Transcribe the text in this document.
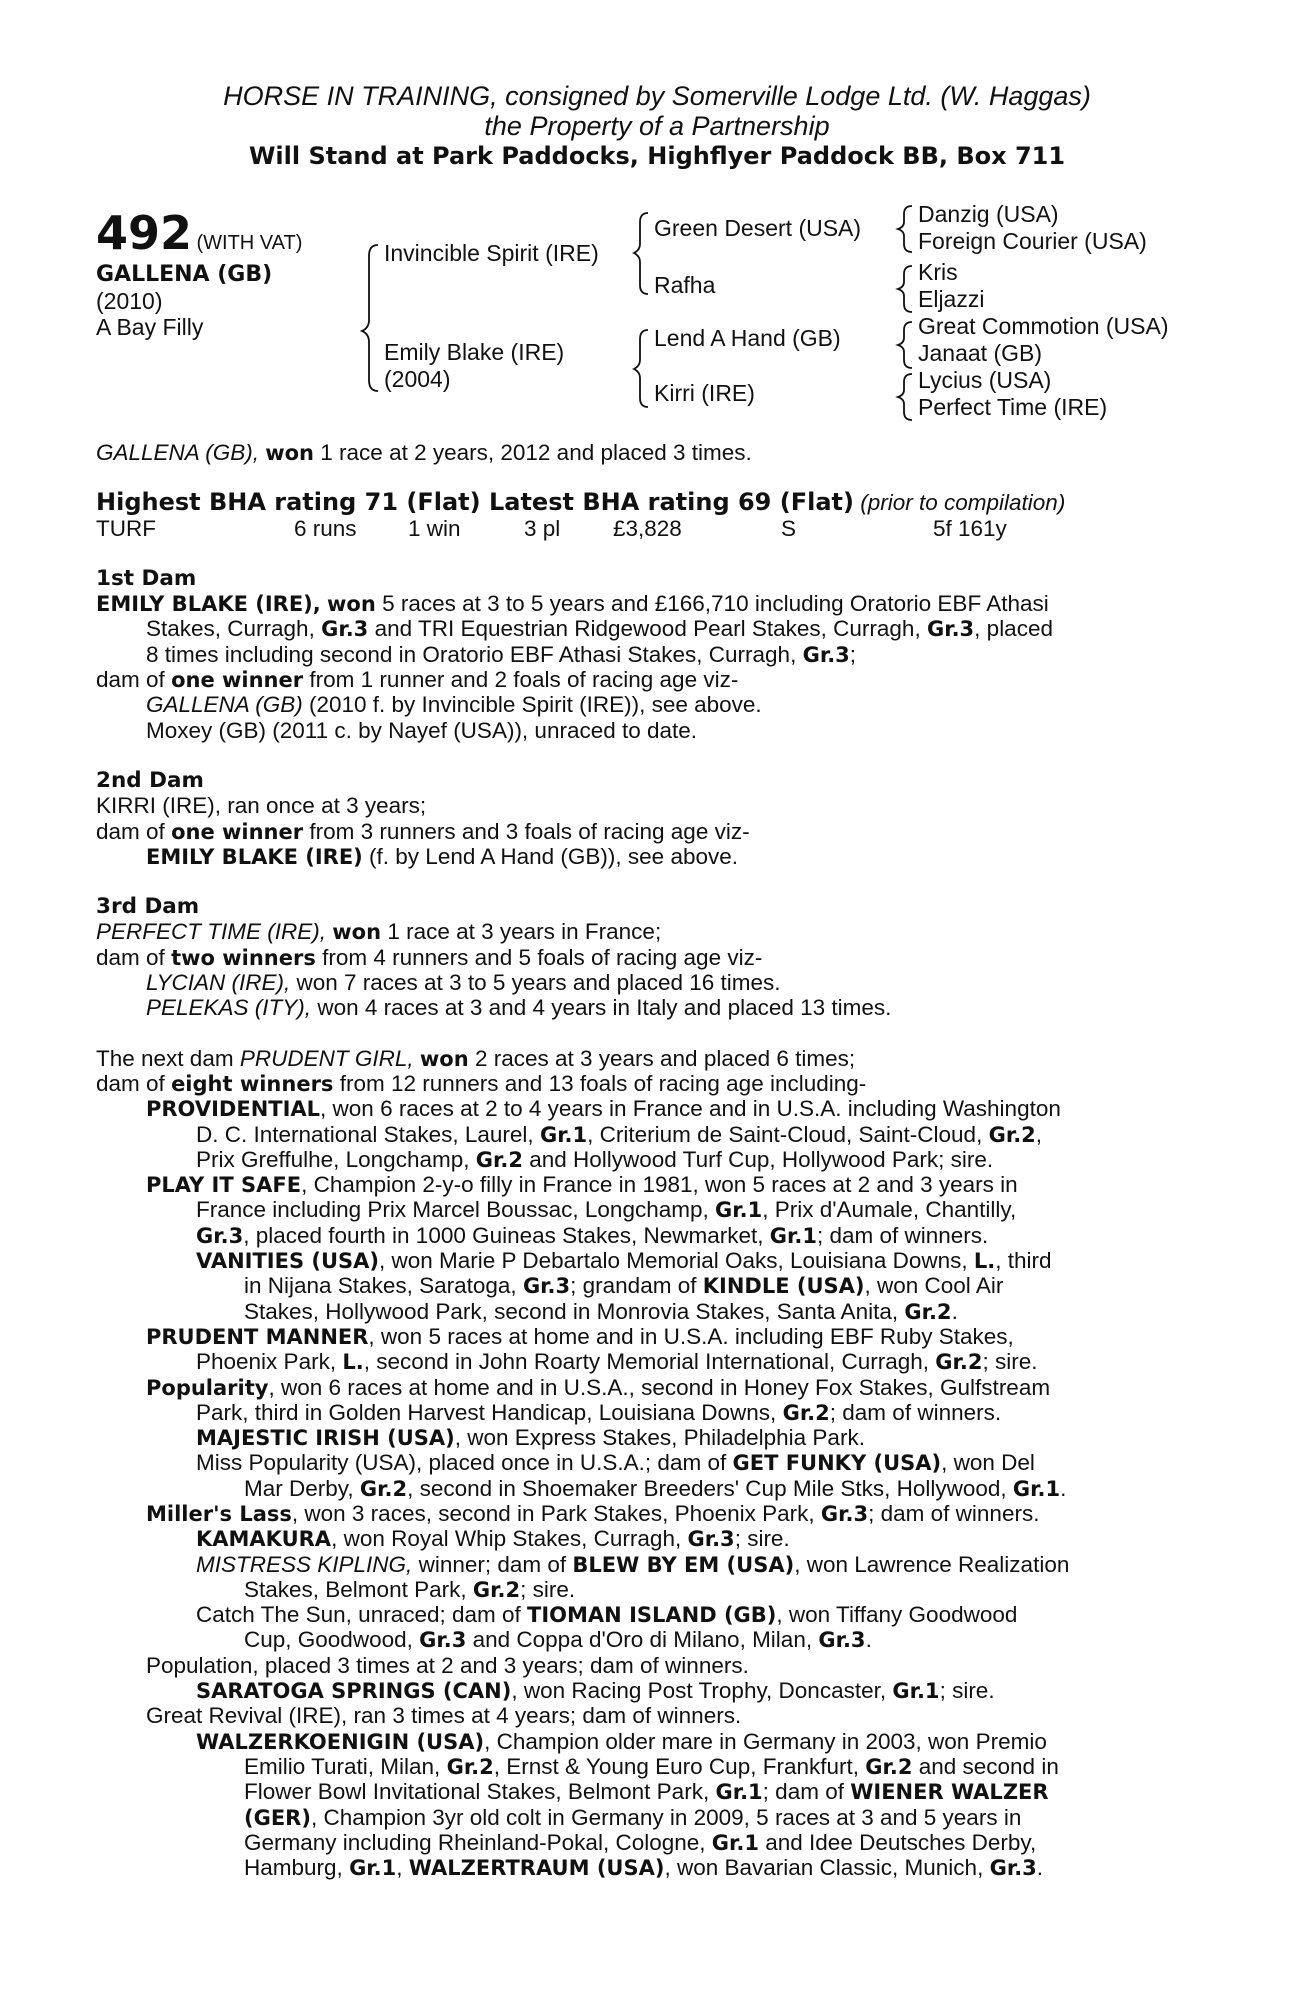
HORSE IN TRAINING, consigned by Somerville Lodge Ltd. (W. Haggas)
the Property of a Partnership
Will Stand at Park Paddocks, Highflyer Paddock BB, Box 711
492 (WITH VAT)
GALLENA (GB)
(2010)
A Bay Filly
Invincible Spirit (IRE)
Emily Blake (IRE)
(2004)
Green Desert (USA)
Rafha
Lend A Hand (GB)
Kirri (IRE)
Danzig (USA)
Foreign Courier (USA)
Kris
Eljazzi
Great Commotion (USA)
Janaat (GB)
Lycius (USA)
Perfect Time (IRE)
GALLENA (GB), won 1 race at 2 years, 2012 and placed 3 times.
Highest BHA rating 71 (Flat) Latest BHA rating 69 (Flat) (prior to compilation)
TURF	6 runs 1 win	3 pl £3,828	S	5f 161y
1st Dam
EMILY BLAKE (IRE), won 5 races at 3 to 5 years and £166,710 including Oratorio EBF Athasi
Stakes, Curragh, Gr.3 and TRI Equestrian Ridgewood Pearl Stakes, Curragh, Gr.3, placed
8 times including second in Oratorio EBF Athasi Stakes, Curragh, Gr.3;
dam of one winner from 1 runner and 2 foals of racing age viz-
GALLENA (GB) (2010 f. by Invincible Spirit (IRE)), see above.
Moxey (GB) (2011 c. by Nayef (USA)), unraced to date.
2nd Dam
KIRRI (IRE), ran once at 3 years;
dam of one winner from 3 runners and 3 foals of racing age viz-
EMILY BLAKE (IRE) (f. by Lend A Hand (GB)), see above.
3rd Dam
PERFECT TIME (IRE), won 1 race at 3 years in France;
dam of two winners from 4 runners and 5 foals of racing age viz-
LYCIAN (IRE), won 7 races at 3 to 5 years and placed 16 times.
PELEKAS (ITY), won 4 races at 3 and 4 years in Italy and placed 13 times.
The next dam PRUDENT GIRL, won 2 races at 3 years and placed 6 times;
dam of eight winners from 12 runners and 13 foals of racing age including-
PROVIDENTIAL, won 6 races at 2 to 4 years in France and in U.S.A. including Washington
D. C. International Stakes, Laurel, Gr.1, Criterium de Saint-Cloud, Saint-Cloud, Gr.2,
Prix Greffulhe, Longchamp, Gr.2 and Hollywood Turf Cup, Hollywood Park; sire.
PLAY IT SAFE, Champion 2-y-o filly in France in 1981, won 5 races at 2 and 3 years in
France including Prix Marcel Boussac, Longchamp, Gr.1, Prix d'Aumale, Chantilly,
Gr.3, placed fourth in 1000 Guineas Stakes, Newmarket, Gr.1; dam of winners.
VANITIES (USA), won Marie P Debartalo Memorial Oaks, Louisiana Downs, L., third
in Nijana Stakes, Saratoga, Gr.3; grandam of KINDLE (USA), won Cool Air
Stakes, Hollywood Park, second in Monrovia Stakes, Santa Anita, Gr.2.
PRUDENT MANNER, won 5 races at home and in U.S.A. including EBF Ruby Stakes,
Phoenix Park, L., second in John Roarty Memorial International, Curragh, Gr.2; sire.
Popularity, won 6 races at home and in U.S.A., second in Honey Fox Stakes, Gulfstream
Park, third in Golden Harvest Handicap, Louisiana Downs, Gr.2; dam of winners.
MAJESTIC IRISH (USA), won Express Stakes, Philadelphia Park.
Miss Popularity (USA), placed once in U.S.A.; dam of GET FUNKY (USA), won Del
Mar Derby, Gr.2, second in Shoemaker Breeders' Cup Mile Stks, Hollywood, Gr.1.
Miller's Lass, won 3 races, second in Park Stakes, Phoenix Park, Gr.3; dam of winners.
KAMAKURA, won Royal Whip Stakes, Curragh, Gr.3; sire.
MISTRESS KIPLING, winner; dam of BLEW BY EM (USA), won Lawrence Realization
Stakes, Belmont Park, Gr.2; sire.
Catch The Sun, unraced; dam of TIOMAN ISLAND (GB), won Tiffany Goodwood
Cup, Goodwood, Gr.3 and Coppa d'Oro di Milano, Milan, Gr.3.
Population, placed 3 times at 2 and 3 years; dam of winners.
SARATOGA SPRINGS (CAN), won Racing Post Trophy, Doncaster, Gr.1; sire.
Great Revival (IRE), ran 3 times at 4 years; dam of winners.
WALZERKOENIGIN (USA), Champion older mare in Germany in 2003, won Premio
Emilio Turati, Milan, Gr.2, Ernst & Young Euro Cup, Frankfurt, Gr.2 and second in
Flower Bowl Invitational Stakes, Belmont Park, Gr.1; dam of WIENER WALZER
(GER), Champion 3yr old colt in Germany in 2009, 5 races at 3 and 5 years in
Germany including Rheinland-Pokal, Cologne, Gr.1 and Idee Deutsches Derby,
Hamburg, Gr.1, WALZERTRAUM (USA), won Bavarian Classic, Munich, Gr.3.
